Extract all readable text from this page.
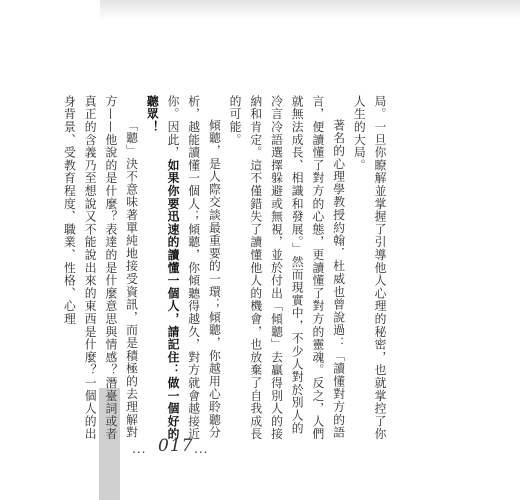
局。一旦你瞭解並掌握了引導他人心理的秘密，也就掌控了你人生的大局。

著名的心理學教授約翰．杜威也曾說過：「讀懂對方的語言，便讀懂了對方的心態，更讀懂了對方的靈魂。反之，人們就無法成長、相識和發展。」然而現實中，不少人對於別人的冷言冷語選擇躲避或無視，並於付出「傾聽」去贏得別人的接納和肯定。這不僅錯失了讀懂他人的機會，也放棄了自我成長的可能。

傾聽，是人際交談最重要的一環；傾聽，你越用心聆聽分析，越能讀懂一個人；傾聽，你傾聽得越久，對方就會越接近你。因此，如果你要迅速的讀懂一個人，請記住：做一個好的聽眾！

「聽」決不意味著單純地接受資訊，而是積極的去理解對方——他說的是什麼？表達的是什麼意思與情感？潛臺詞或者真正的含義乃至想說又不能說出來的東西是什麼？一個人的出身背景、受教育程度、職業、性格、心理

... 017 ...
